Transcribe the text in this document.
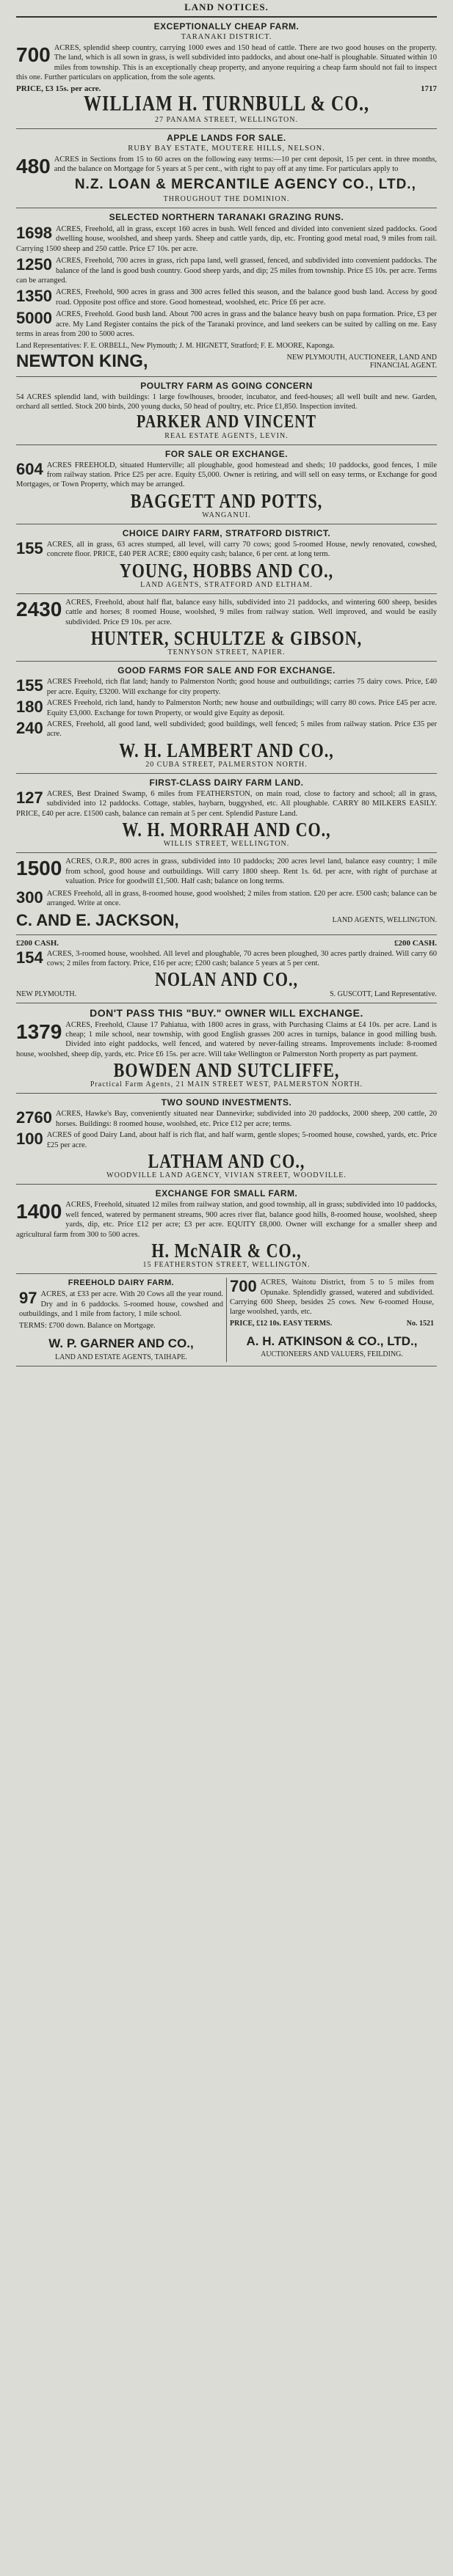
LAND NOTICES.
EXCEPTIONALLY CHEAP FARM.
TARANAKI DISTRICT.
700 ACRES, splendid sheep country, carrying 1000 ewes and 150 head of cattle. There are two good houses on the property. The land, which is all sown in grass, is well subdivided into paddocks, and about one-half is ploughable. Situated within 10 miles from township. This is an exceptionally cheap property, and anyone requiring a cheap farm should not fail to inspect this one. Further particulars on application, from the sole agents.
PRICE, £3 15s. per acre.	1717
WILLIAM H. TURNBULL & CO.,
27 PANAMA STREET, WELLINGTON.
APPLE LANDS FOR SALE.
RUBY BAY ESTATE, MOUTERE HILLS, NELSON.
480 ACRES in Sections from 15 to 60 acres on the following easy terms:—10 per cent deposit, 15 per cent. in three months, and the balance on Mortgage for 5 years at 5 per cent., with right to pay off at any time. For particulars apply to
N.Z. LOAN & MERCANTILE AGENCY CO., LTD.,
THROUGHOUT THE DOMINION.
SELECTED NORTHERN TARANAKI GRAZING RUNS.
1698 ACRES, Freehold, all in grass, except 160 acres in bush. Well fenced and divided into convenient sized paddocks. Good dwelling house, woolshed, and sheep yards. Sheep and cattle yards, dip, etc. Fronting good metal road, 9 miles from rail. Carrying 1500 sheep and 250 cattle. Price £7 10s. per acre.
1250 ACRES, Freehold, 700 acres in grass, rich papa land, well grassed, fenced, and subdivided into convenient paddocks. The balance of the land is good bush country. Good sheep yards, and dip; 25 miles from township. Price £5 10s. per acre. Terms can be arranged.
1350 ACRES, Freehold, 900 acres in grass and 300 acres felled this season, and the balance good bush land. Access by good road. Opposite post office and store. Good homestead, woolshed, etc. Price £6 per acre.
5000 ACRES, Freehold. Good bush land. About 700 acres in grass and the balance heavy bush on papa formation. Price, £3 per acre. My Land Register contains the pick of the Taranaki province, and land seekers can be suited by calling on me. Easy terms in areas from 200 to 5000 acres.
Land Representatives: F. E. ORBELL, New Plymouth; J. M. HIGNETT, Stratford; F. E. MOORE, Kaponga.
NEWTON KING,	NEW PLYMOUTH, AUCTIONEER, LAND AND FINANCIAL AGENT.
POULTRY FARM AS GOING CONCERN
54 ACRES splendid land, with buildings: 1 large fowlhouses, brooder, incubator, and feed-houses; all well built and new. Garden, orchard all settled. Stock 200 birds, 200 young ducks, 50 head of poultry, etc. Price £1,850. Inspection invited.
PARKER AND VINCENT
REAL ESTATE AGENTS, LEVIN.
FOR SALE OR EXCHANGE.
604 ACRES FREEHOLD, situated Hunterville; all ploughable, good homestead and sheds; 10 paddocks, good fences, 1 mile from railway station. Price £25 per acre. Equity £5,000. Owner is retiring, and will sell on easy terms, or Exchange for good Mortgages, or Town Property, which may be arranged.
BAGGETT AND POTTS,
WANGANUI.
CHOICE DAIRY FARM, STRATFORD DISTRICT.
155 ACRES, all in grass, 63 acres stumped, all level, will carry 70 cows; good 5-roomed House, newly renovated, cowshed, concrete floor. PRICE, £40 PER ACRE; £800 equity cash; balance, 6 per cent. at long term.
YOUNG, HOBBS AND CO.,
LAND AGENTS, STRATFORD AND ELTHAM.
2430 ACRES, Freehold, about half flat, balance easy hills, subdivided into 21 paddocks, and wintering 600 sheep, besides cattle and horses; 8 roomed House, woolshed, 9 miles from railway station. Well improved, and would be easily subdivided. Price £9 10s. per acre.
HUNTER, SCHULTZE & GIBSON,
TENNYSON STREET, NAPIER.
GOOD FARMS FOR SALE AND FOR EXCHANGE.
155 ACRES Freehold, rich flat land; handy to Palmerston North; good house and outbuildings; carries 75 dairy cows. Price, £40 per acre. Equity, £3200. Will exchange for city property.
180 ACRES Freehold, rich land, handy to Palmerston North; new house and outbuildings; will carry 80 cows. Price £45 per acre. Equity £3,000. Exchange for town Property, or would give Equity as deposit.
240 ACRES, Freehold, all good land, well subdivided; good buildings, well fenced; 5 miles from railway station. Price £35 per acre.
W. H. LAMBERT AND CO.,
20 CUBA STREET, PALMERSTON NORTH.
FIRST-CLASS DAIRY FARM LAND.
127 ACRES, Best Drained Swamp, 6 miles from FEATHERSTON, on main road, close to factory and school; all in grass, subdivided into 12 paddocks. Cottage, stables, haybarn, buggyshed, etc. All ploughable. CARRY 80 MILKERS EASILY. PRICE, £40 per acre. £1500 cash, balance can remain at 5 per cent. Splendid Pasture Land.
W. H. MORRAH AND CO.,
WILLIS STREET, WELLINGTON.
1500 ACRES, O.R.P., 800 acres in grass, subdivided into 10 paddocks; 200 acres level land, balance easy country; 1 mile from school, good house and outbuildings. Will carry 1800 sheep. Rent 1s. 6d. per acre, with right of purchase at valuation. Price for goodwill £1,500. Half cash; balance on long terms.
300 ACRES Freehold, all in grass, 8-roomed house, good woolshed; 2 miles from station. £20 per acre. £500 cash; balance can be arranged. Write at once.
C. AND E. JACKSON,	LAND AGENTS, WELLINGTON.
£200 CASH.	£200 CASH.
154 ACRES, 3-roomed house, woolshed. All level and ploughable, 70 acres been ploughed, 30 acres partly drained. Will carry 60 cows; 2 miles from factory. Price, £16 per acre; £200 cash; balance 5 years at 5 per cent.
NOLAN AND CO.,
NEW PLYMOUTH.	S. GUSCOTT, Land Representative.
DON'T PASS THIS "BUY." OWNER WILL EXCHANGE.
1379 ACRES, Freehold, Clause 17 Pahiatua, with 1800 acres in grass, with Purchasing Claims at £4 10s. per acre. Land is cheap; 1 mile school, near township, with good English grasses 200 acres in turnips, balance in good milling bush. Divided into eight paddocks, well fenced, and watered by never-failing streams. Improvements include: 8-roomed house, woolshed, sheep dip, yards, etc. Price £6 15s. per acre. Will take Wellington or Palmerston North property as part payment.
BOWDEN AND SUTCLIFFE,
Practical Farm Agents, 21 MAIN STREET WEST, PALMERSTON NORTH.
TWO SOUND INVESTMENTS.
2760 ACRES, Hawke's Bay, conveniently situated near Dannevirke; subdivided into 20 paddocks, 2000 sheep, 200 cattle, 20 horses. Buildings: 8 roomed house, woolshed, etc. Price £12 per acre; terms.
100 ACRES of good Dairy Land, about half is rich flat, and half warm, gentle slopes; 5-roomed house, cowshed, yards, etc. Price £25 per acre.
LATHAM AND CO.,
WOODVILLE LAND AGENCY, VIVIAN STREET, WOODVILLE.
EXCHANGE FOR SMALL FARM.
1400 ACRES, Freehold, situated 12 miles from railway station, and good township, all in grass; subdivided into 10 paddocks, well fenced, watered by permanent streams, 900 acres river flat, balance good hills, 8-roomed house, woolshed, sheep yards, dip, etc. Price £12 per acre; £3 per acre. EQUITY £8,000. Owner will exchange for a smaller sheep and agricultural farm from 300 to 500 acres.
H. McNAIR & CO.,
15 FEATHERSTON STREET, WELLINGTON.
FREEHOLD DAIRY FARM.
97 ACRES, at £33 per acre. With 20 Cows all the year round. Dry and in 6 paddocks. 5-roomed house, cowshed and outbuildings, and 1 mile from factory, 1 mile school.
TERMS: £700 down. Balance on Mortgage.
W. P. GARNER AND CO.,
LAND AND ESTATE AGENTS, TAIHAPE.
700 ACRES, Waitotu District, from 5 to 5 miles from Opunake. Splendidly grassed, watered and subdivided. Carrying 600 Sheep, besides 25 cows. New 6-roomed House, large woolshed, yards, etc.
PRICE, £12 10s. EASY TERMS.	No. 1521
A. H. ATKINSON & CO., LTD.,
AUCTIONEERS AND VALUERS, FEILDING.
